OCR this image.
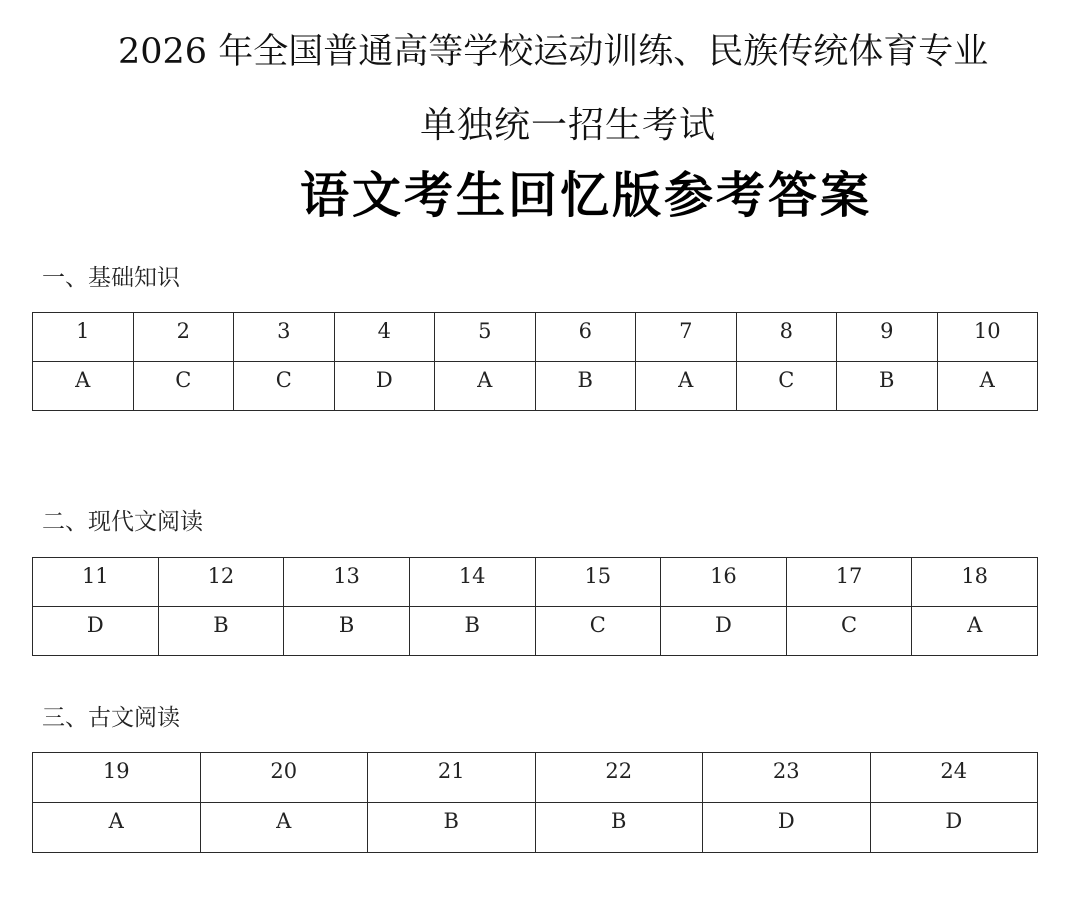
2026 年全国普通高等学校运动训练、民族传统体育专业
单独统一招生考试
语文考生回忆版参考答案
一、基础知识
1	2	3	4	5	6	7	8	9	10
A	C	C	D	A	B	A	C	B	A
二、现代文阅读
11	12	13	14	15	16	17	18
D	B	B	B	C	D	C	A
三、古文阅读
19	20	21	22	23	24
A	A	B	B	D	D
